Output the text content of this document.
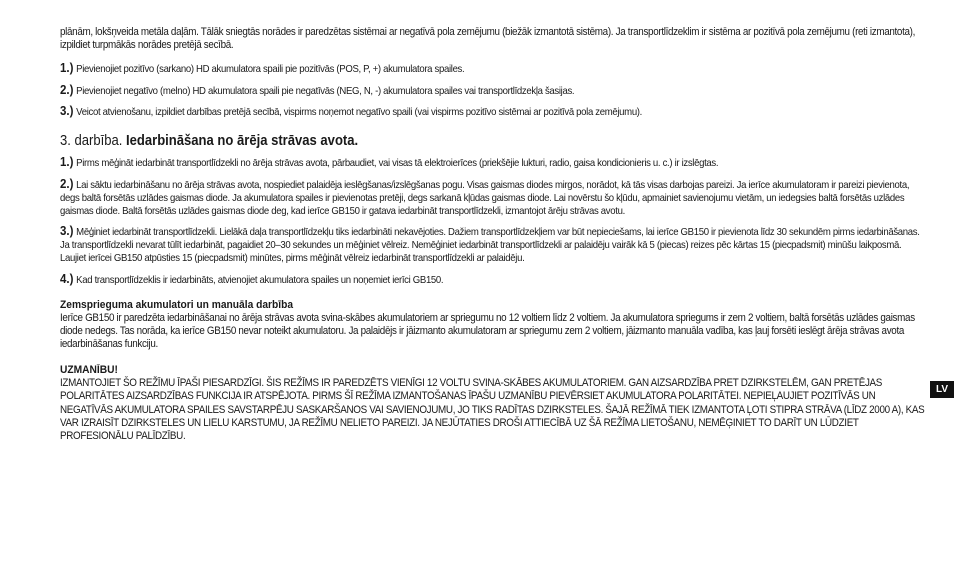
plānām, lokšņveida metāla daļām. Tālāk sniegtās norādes ir paredzētas sistēmai ar negatīvā pola zemējumu (biežāk izmantotā sistēma). Ja transportlīdzeklim ir sistēma ar pozitīvā pola zemējumu (reti izmantota), izpildiet turpmākās norādes pretējā secībā.

1.) Pievienojiet pozitīvo (sarkano) HD akumulatora spaili pie pozitīvās (POS, P, +) akumulatora spailes.

2.) Pievienojiet negatīvo (melno) HD akumulatora spaili pie negatīvās (NEG, N, -) akumulatora spailes vai transportlīdzekļa šasijas.

3.) Veicot atvienošanu, izpildiet darbības pretējā secībā, vispirms noņemot negatīvo spaili (vai vispirms pozitīvo sistēmai ar pozitīvā pola zemējumu).

3. darbība. Iedarbināšana no ārēja strāvas avota.

1.) Pirms mēģināt iedarbināt transportlīdzekli no ārēja strāvas avota, pārbaudiet, vai visas tā elektroierīces (priekšējie lukturi, radio, gaisa kondicionieris u. c.) ir izslēgtas.

2.) Lai sāktu iedarbināšanu no ārēja strāvas avota, nospiediet palaidēja ieslēgšanas/izslēgšanas pogu. Visas gaismas diodes mirgos, norādot, kā tās visas darbojas pareizi. Ja ierīce akumulatoram ir pareizi pievienota, degs baltā forsētās uzlādes gaismas diode. Ja akumulatora spailes ir pievienotas pretēji, degs sarkanā kļūdas gaismas diode. Lai novērstu šo kļūdu, apmainiet savienojumu vietām, un iedegsies baltā forsētās uzlādes gaismas diode. Baltā forsētās uzlādes gaismas diode deg, kad ierīce GB150 ir gatava iedarbināt transportlīdzekli, izmantojot ārēju strāvas avotu.

3.) Mēģiniet iedarbināt transportlīdzekli. Lielākā daļa transportlīdzekļu tiks iedarbināti nekavējoties. Dažiem transportlīdzekļiem var būt nepieciešams, lai ierīce GB150 ir pievienota līdz 30 sekundēm pirms iedarbināšanas. Ja transportlīdzekli nevarat tūlīt iedarbināt, pagaidiet 20–30 sekundes un mēģiniet vēlreiz. Nemēģiniet iedarbināt transportlīdzekli ar palaidēju vairāk kā 5 (piecas) reizes pēc kārtas 15 (piecpadsmit) minūšu laikposmā. Laujiet ierīcei GB150 atpūsties 15 (piecpadsmit) minūtes, pirms mēģināt vēlreiz iedarbināt transportlīdzekli ar palaidēju.

4.) Kad transportlīdzeklis ir iedarbināts, atvienojiet akumulatora spailes un noņemiet ierīci GB150.

Zemsprieguma akumulatori un manuāla darbība

Ierīce GB150 ir paredzēta iedarbināšanai no ārēja strāvas avota svina-skābes akumulatoriem ar spriegumu no 12 voltiem līdz 2 voltiem. Ja akumulatora spriegums ir zem 2 voltiem, baltā forsētās uzlādes gaismas diode nedegs. Tas norāda, ka ierīce GB150 nevar noteikt akumulatoru. Ja palaidējs ir jāizmanto akumulatoram ar spriegumu zem 2 voltiem, jāizmanto manuāla vadība, kas ļauj forsēti ieslēgt ārēja strāvas avota iedarbināšanas funkciju.

UZMANĪBU!

IZMANTOJIET ŠO REŽĪMU ĪPAŠI PIESARDZĪGI. ŠIS REŽĪMS IR PAREDZĒTS VIENĪGI 12 VOLTU SVINA-SKĀBES AKUMULATORIEM. GAN AIZSARDZĪBA PRET DZIRKSTELĒM, GAN PRETĒJAS POLARITĀTES AIZSARDZĪBAS FUNKCIJA IR ATSPĒJOTA. PIRMS ŠĪ REŽĪMA IZMANTOŠANAS ĪPAŠU UZMANĪBU PIEVĒRSIET AKUMULATORA POLARITĀTEI. NEPIEĻAUJIET POZITĪVĀS UN NEGATĪVĀS AKUMULATORA SPAILES SAVSTARPĒJU SASKARŠANOS VAI SAVIENOJUMU, JO TIKS RADĪTAS DZIRKSTELES. ŠAJĀ REŽĪMĀ TIEK IZMANTOTA ĻOTI STIPRA STRĀVA (LĪDZ 2000 A), KAS VAR IZRAISĪT DZIRKSTELES UN LIELU KARSTUMU, JA REŽĪMU NELIETO PAREIZI. JA NEJŪTATIES DROŠI ATTIECĪBĀ UZ ŠĀ REŽĪMA LIETOŠANU, NEMĒĢINIET TO DARĪT UN LŪDZIET PROFESIONĀLU PALĪDZĪBU.

LV
